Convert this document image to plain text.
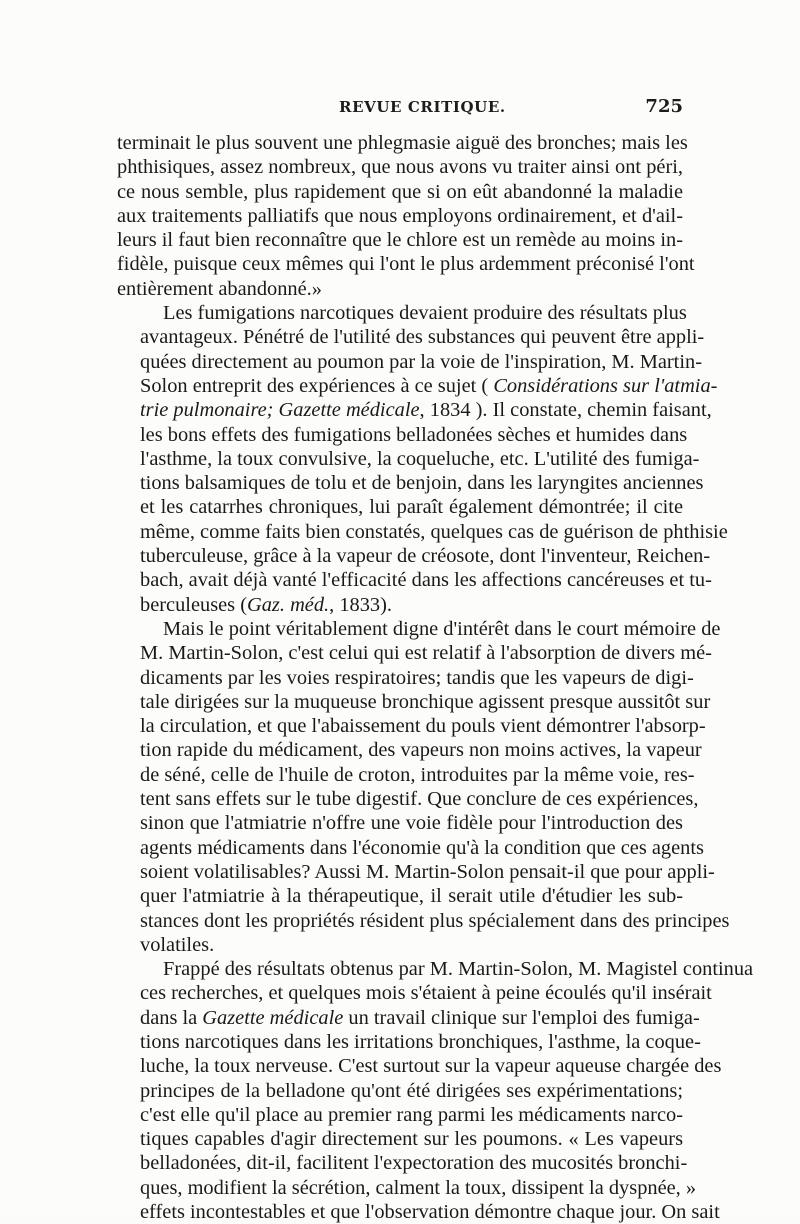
REVUE CRITIQUE.	725

terminait le plus souvent une phlegmasie aiguë des bronches; mais les
phthisiques, assez nombreux, que nous avons vu traiter ainsi ont péri,
ce nous semble, plus rapidement que si on eût abandonné la maladie
aux traitements palliatifs que nous employons ordinairement, et d'ail-
leurs il faut bien reconnaître que le chlore est un remède au moins in-
fidèle, puisque ceux mêmes qui l'ont le plus ardemment préconisé l'ont
entièrement abandonné.»

Les fumigations narcotiques devaient produire des résultats plus
avantageux. Pénétré de l'utilité des substances qui peuvent être appli-
quées directement au poumon par la voie de l'inspiration, M. Martin-
Solon entreprit des expériences à ce sujet ( Considérations sur l'atmia-
trie pulmonaire; Gazette médicale, 1834 ). Il constate, chemin faisant,
les bons effets des fumigations belladonées sèches et humides dans
l'asthme, la toux convulsive, la coqueluche, etc. L'utilité des fumiga-
tions balsamiques de tolu et de benjoin, dans les laryngites anciennes
et les catarrhes chroniques, lui paraît également démontrée; il cite
même, comme faits bien constatés, quelques cas de guérison de phthisie
tuberculeuse, grâce à la vapeur de créosote, dont l'inventeur, Reichen-
bach, avait déjà vanté l'efficacité dans les affections cancéreuses et tu-
berculeuses (Gaz. méd., 1833).

Mais le point véritablement digne d'intérêt dans le court mémoire de
M. Martin-Solon, c'est celui qui est relatif à l'absorption de divers mé-
dicaments par les voies respiratoires; tandis que les vapeurs de digi-
tale dirigées sur la muqueuse bronchique agissent presque aussitôt sur
la circulation, et que l'abaissement du pouls vient démontrer l'absorp-
tion rapide du médicament, des vapeurs non moins actives, la vapeur
de séné, celle de l'huile de croton, introduites par la même voie, res-
tent sans effets sur le tube digestif. Que conclure de ces expériences,
sinon que l'atmiatrie n'offre une voie fidèle pour l'introduction des
agents médicaments dans l'économie qu'à la condition que ces agents
soient volatilisables? Aussi M. Martin-Solon pensait-il que pour appli-
quer l'atmiatrie à la thérapeutique, il serait utile d'étudier les sub-
stances dont les propriétés résident plus spécialement dans des principes
volatiles.

Frappé des résultats obtenus par M. Martin-Solon, M. Magistel continua
ces recherches, et quelques mois s'étaient à peine écoulés qu'il insérait
dans la Gazette médicale un travail clinique sur l'emploi des fumiga-
tions narcotiques dans les irritations bronchiques, l'asthme, la coque-
luche, la toux nerveuse. C'est surtout sur la vapeur aqueuse chargée des
principes de la belladone qu'ont été dirigées ses expérimentations;
c'est elle qu'il place au premier rang parmi les médicaments narco-
tiques capables d'agir directement sur les poumons. « Les vapeurs
belladonées, dit-il, facilitent l'expectoration des mucosités bronchi-
ques, modifient la sécrétion, calment la toux, dissipent la dyspnée, »
effets incontestables et que l'observation démontre chaque jour. On sait
